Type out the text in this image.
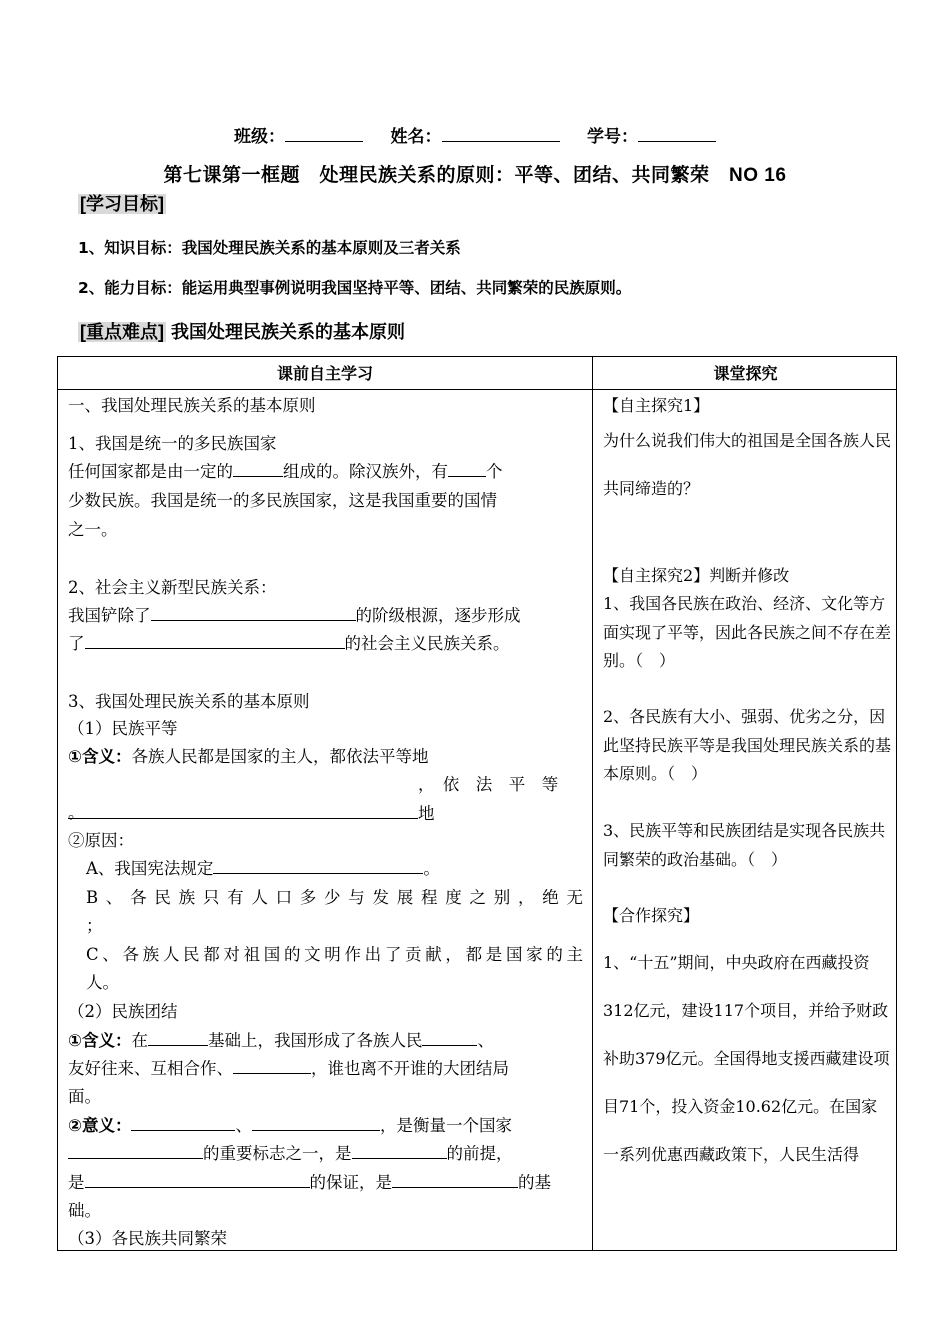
班级：	姓名：	学号：
第七课第一框题　处理民族关系的原则：平等、团结、共同繁荣　NO 16
[学习目标]
1、知识目标：我国处理民族关系的基本原则及三者关系
2、能力目标：能运用典型事例说明我国坚持平等、团结、共同繁荣的民族原则。
[重点难点] 我国处理民族关系的基本原则
课前自主学习	课堂探究
一、我国处理民族关系的基本原则
1、我国是统一的多民族国家
任何国家都是由一定的	组成的。除汉族外，有 个
少数民族。我国是统一的多民族国家，这是我国重要的国情
之一。
2、社会主义新型民族关系：
我国铲除了	的阶级根源，逐步形成
了	的社会主义民族关系。
3、我国处理民族关系的基本原则
（1）民族平等
①含义：各族人民都是国家的主人，都依法平等地
，　依　法　平　等　地
。
②原因：
A、我国宪法规定	。
B、各民族只有人口多少与发展程度之别，绝无
；
C、各族人民都对祖国的文明作出了贡献，都是国家的主
人。
（2）民族团结
①含义：在	基础上，我国形成了各族人民	、
友好往来、互相合作、	，谁也离不开谁的大团结局
面。
②意义：	、	，是衡量一个国家
的重要标志之一，是	的前提，
是	的保证，是	的基
础。
（3）各民族共同繁荣
【自主探究1】
为什么说我们伟大的祖国是全国各族人民共同缔造的？
【自主探究2】判断并修改
1、我国各民族在政治、经济、文化等方面实现了平等，因此各民族之间不存在差别。（　）
2、各民族有大小、强弱、优劣之分，因此坚持民族平等是我国处理民族关系的基本原则。（　）
3、民族平等和民族团结是实现各民族共同繁荣的政治基础。（　）
【合作探究】
1、“十五”期间，中央政府在西藏投资312亿元，建设117个项目，并给予财政补助379亿元。全国得地支援西藏建设项目71个，投入资金10.62亿元。在国家一系列优惠西藏政策下，人民生活得
